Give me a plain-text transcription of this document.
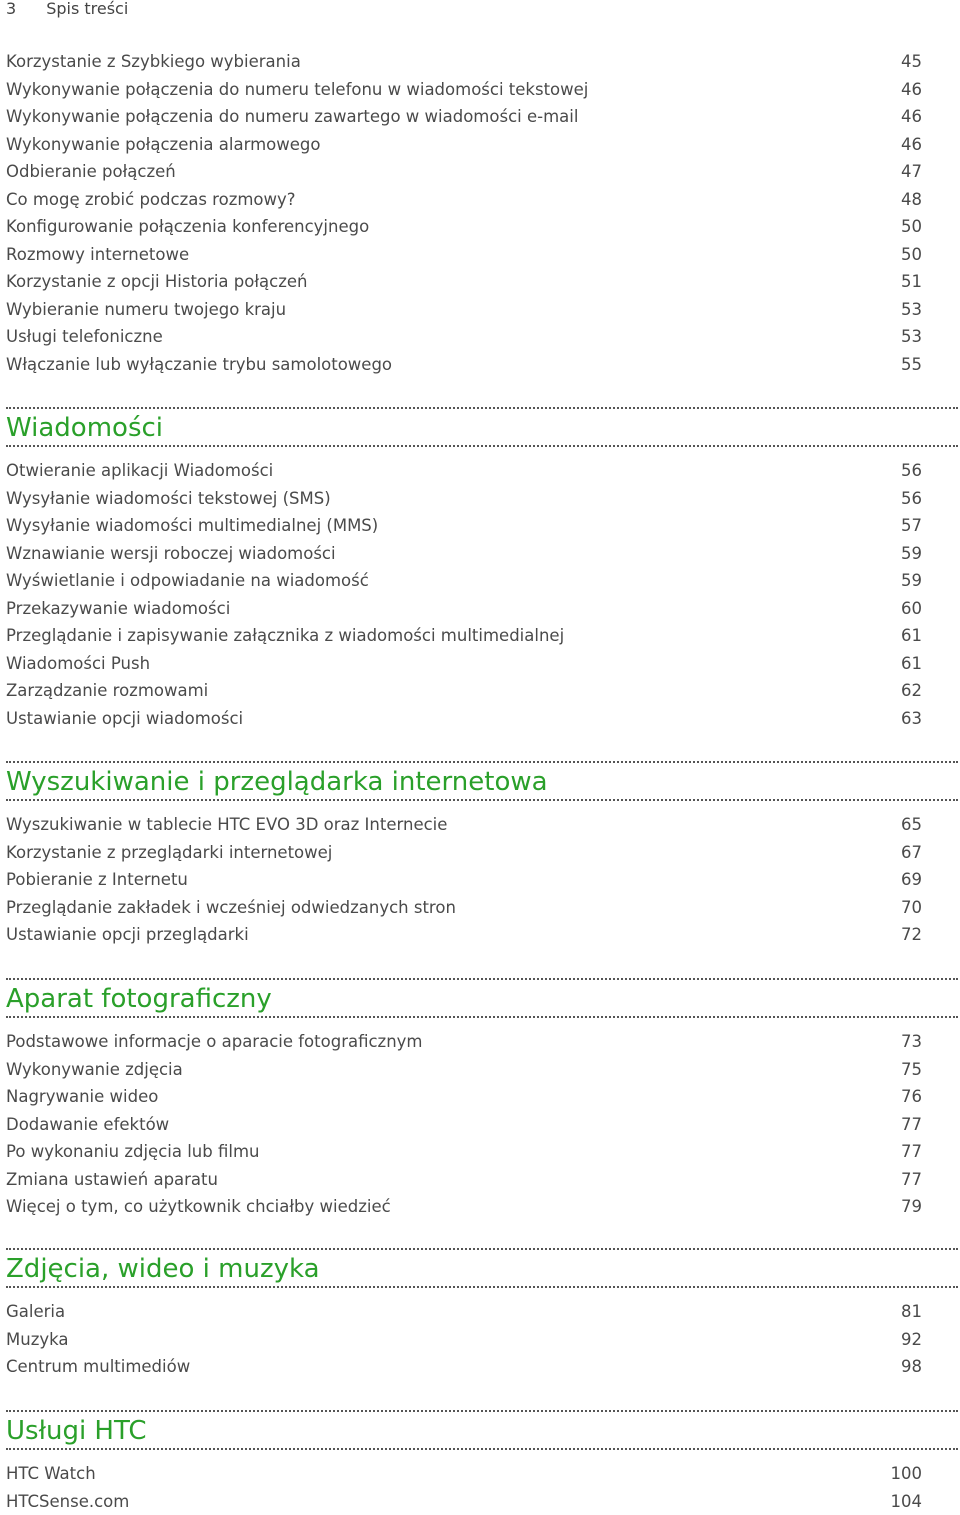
3 Spis treści
Korzystanie z Szybkiego wybierania	45
Wykonywanie połączenia do numeru telefonu w wiadomości tekstowej	46
Wykonywanie połączenia do numeru zawartego w wiadomości e-mail	46
Wykonywanie połączenia alarmowego	46
Odbieranie połączeń	47
Co mogę zrobić podczas rozmowy?	48
Konfigurowanie połączenia konferencyjnego	50
Rozmowy internetowe	50
Korzystanie z opcji Historia połączeń	51
Wybieranie numeru twojego kraju	53
Usługi telefoniczne	53
Włączanie lub wyłączanie trybu samolotowego	55
Wiadomości
Otwieranie aplikacji Wiadomości	56
Wysyłanie wiadomości tekstowej (SMS)	56
Wysyłanie wiadomości multimedialnej (MMS)	57
Wznawianie wersji roboczej wiadomości	59
Wyświetlanie i odpowiadanie na wiadomość	59
Przekazywanie wiadomości	60
Przeglądanie i zapisywanie załącznika z wiadomości multimedialnej	61
Wiadomości Push	61
Zarządzanie rozmowami	62
Ustawianie opcji wiadomości	63
Wyszukiwanie i przeglądarka internetowa
Wyszukiwanie w tablecie HTC EVO 3D oraz Internecie	65
Korzystanie z przeglądarki internetowej	67
Pobieranie z Internetu	69
Przeglądanie zakładek i wcześniej odwiedzanych stron	70
Ustawianie opcji przeglądarki	72
Aparat fotograficzny
Podstawowe informacje o aparacie fotograficznym	73
Wykonywanie zdjęcia	75
Nagrywanie wideo	76
Dodawanie efektów	77
Po wykonaniu zdjęcia lub filmu	77
Zmiana ustawień aparatu	77
Więcej o tym, co użytkownik chciałby wiedzieć	79
Zdjęcia, wideo i muzyka
Galeria	81
Muzyka	92
Centrum multimediów	98
Usługi HTC
HTC Watch	100
HTCSense.com	104
